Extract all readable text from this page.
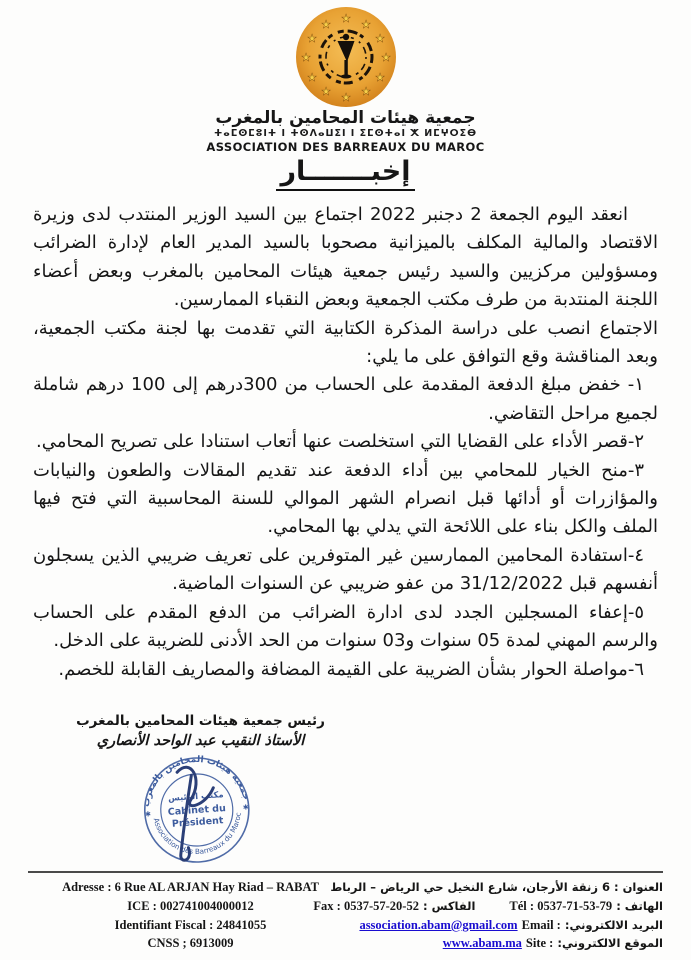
★
★
★
★
★
★
★
★
★ ★ ★
★
جمعية هيئات المحامين بالمغرب
ⵜⴰⵎⵙⵎⵓⵏⵜ ⵏ ⵜⵙⴷⴰⵡⵉⵏ ⵏ ⵉⵎⵙⵜⴰⵏ ⵅ ⵍⵎⵖⵔⵉⴱ
ASSOCIATION DES BARREAUX DU MAROC
إخبـــــــار

انعقد اليوم الجمعة 2 دجنبر 2022 اجتماع بين السيد الوزير المنتدب لدى وزيرة الاقتصاد والمالية المكلف بالميزانية مصحوبا بالسيد المدير العام لإدارة الضرائب ومسؤولين مركزيين والسيد رئيس جمعية هيئات المحامين بالمغرب وبعض أعضاء اللجنة المنتدبة من طرف مكتب الجمعية وبعض النقباء الممارسين.

الاجتماع انصب على دراسة المذكرة الكتابية التي تقدمت بها لجنة مكتب الجمعية، وبعد المناقشة وقع التوافق على ما يلي:

١- خفض مبلغ الدفعة المقدمة على الحساب من 300درهم إلى 100 درهم شاملة لجميع مراحل التقاضي.
٢-قصر الأداء على القضايا التي استخلصت عنها أتعاب استنادا على تصريح المحامي.
٣-منح الخيار للمحامي بين أداء الدفعة عند تقديم المقالات والطعون والنيابات والمؤازرات أو أدائها قبل انصرام الشهر الموالي للسنة المحاسبية التي فتح فيها الملف والكل بناء على اللائحة التي يدلي بها المحامي.
٤-استفادة المحامين الممارسين غير المتوفرين على تعريف ضريبي الذين يسجلون أنفسهم قبل 31/12/2022 من عفو ضريبي عن السنوات الماضية.
٥-إعفاء المسجلين الجدد لدى ادارة الضرائب من الدفع المقدم على الحساب والرسم المهني لمدة 05 سنوات و03 سنوات من الحد الأدنى للضريبة على الدخل.
٦-مواصلة الحوار بشأن الضريبة على القيمة المضافة والمصاريف القابلة للخصم.
رئيس جمعية هيئات المحامين بالمغرب
الأستاذ النقيب عبد الواحد الأنصاري
جمعية هيئات المحامين بالمغرب
Association des Barreaux du Maroc
✱
✱
مكتب الرئيس
Cabinet du
Président
Adresse : 6 Rue AL ARJAN Hay Riad – RABAT
ICE : 002741004000012
Identifiant Fiscal : 24841055
CNSS ; 6913009
العنوان : 6 زنقة الأرجان، شارع النخيل حي الرياض – الرباط
الهاتف : Tél : 0537-71-53-79  الفاكس : Fax : 0537-57-20-52
البريد الالكتروني: Email : association.abam@gmail.com
الموقع الالكتروني: Site : www.abam.ma
